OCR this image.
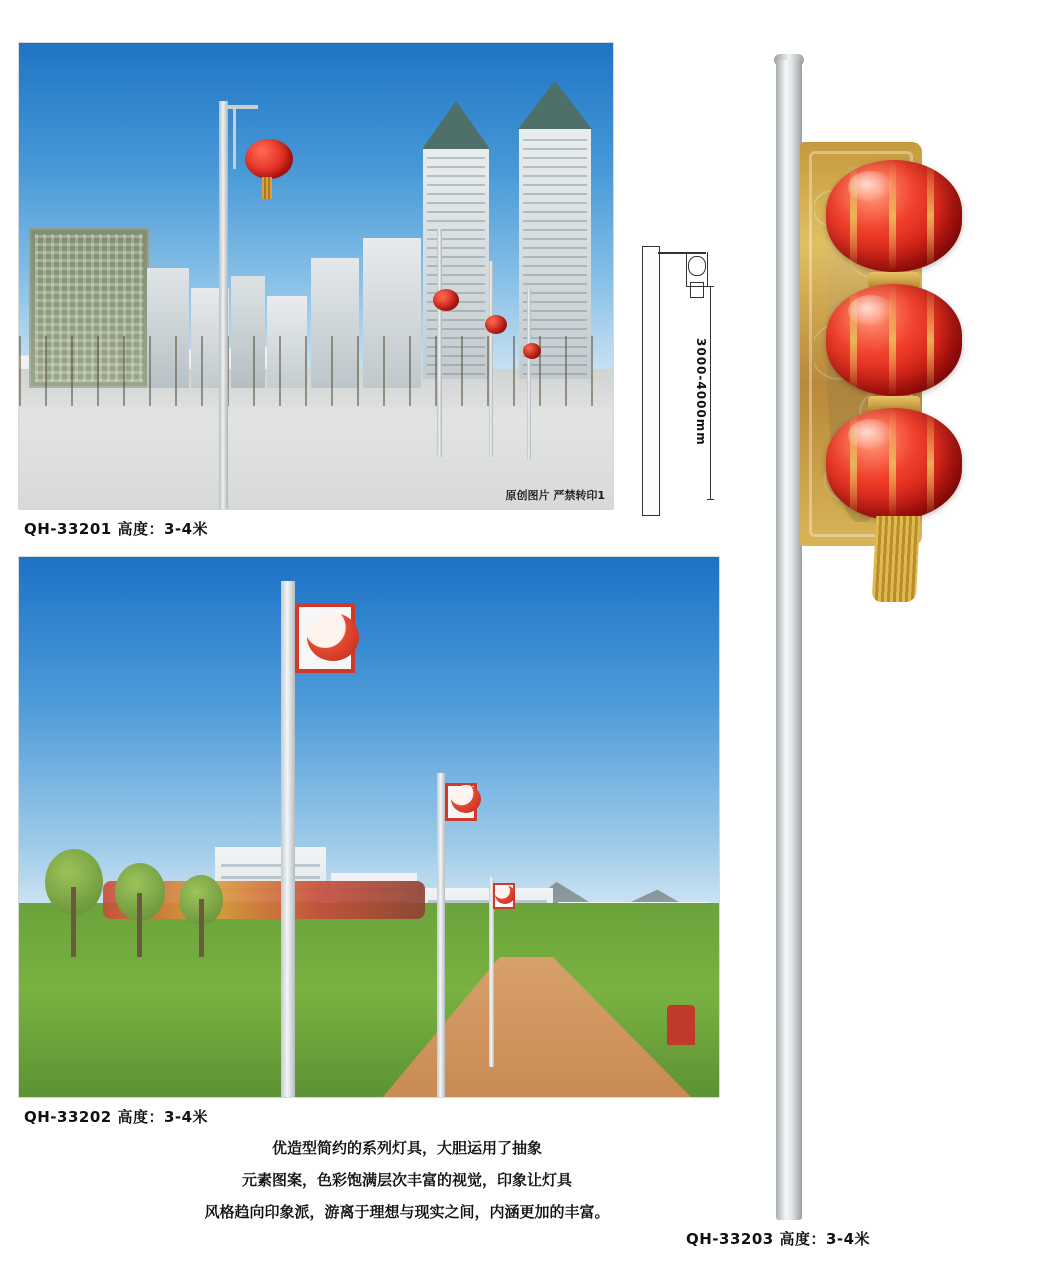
原创图片 严禁转印1
QH-33201 高度：3-4米
QH-33202 高度：3-4米
3000-4000mm
QH-33203 高度：3-4米
优造型简约的系列灯具，大胆运用了抽象
元素图案，色彩饱满层次丰富的视觉，印象让灯具
风格趋向印象派，游离于理想与现实之间，内涵更加的丰富。
